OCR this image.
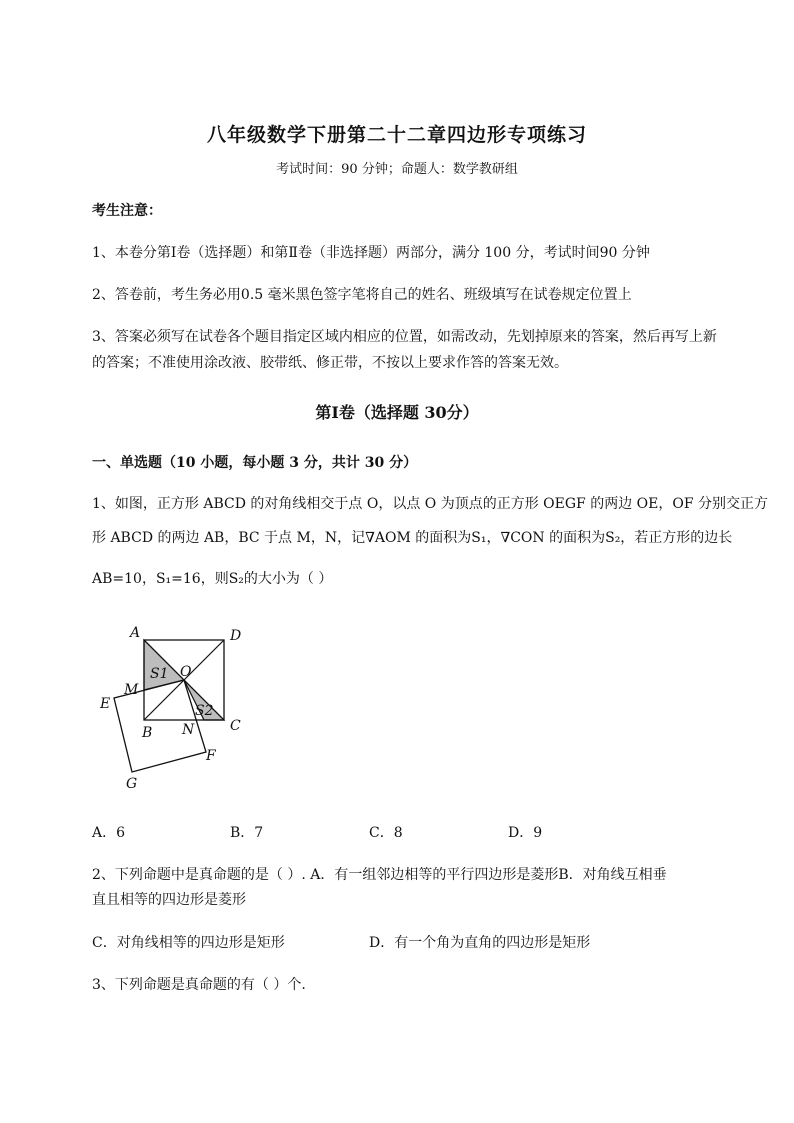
八年级数学下册第二十二章四边形专项练习
考试时间：90 分钟；命题人：数学教研组
考生注意：
1、本卷分第Ⅰ卷（选择题）和第Ⅱ卷（非选择题）两部分，满分 100 分，考试时间90 分钟
2、答卷前，考生务必用0.5 毫米黑色签字笔将自己的姓名、班级填写在试卷规定位置上
3、答案必须写在试卷各个题目指定区域内相应的位置，如需改动，先划掉原来的答案，然后再写上新
的答案；不准使用涂改液、胶带纸、修正带，不按以上要求作答的答案无效。
第Ⅰ卷（选择题 30分）
一、单选题（10 小题，每小题 3 分，共计 30 分）
1、如图，正方形 ABCD 的对角线相交于点 O，以点 O 为顶点的正方形 OEGF 的两边 OE，OF 分别交正方
形 ABCD 的两边 AB，BC 于点 M，N，记∇AOM 的面积为S₁，∇CON 的面积为S₂，若正方形的边长
AB=10，S₁=16，则S₂的大小为（ ）
A	D
O
S1
M
E	S2
C
B N
F
G
A．6	B．7	C．8	D．9
2、下列命题中是真命题的是（ ）. A．有一组邻边相等的平行四边形是菱形B．对角线互相垂
直且相等的四边形是菱形
C．对角线相等的四边形是矩形	D．有一个角为直角的四边形是矩形
3、下列命题是真命题的有（ ）个.
